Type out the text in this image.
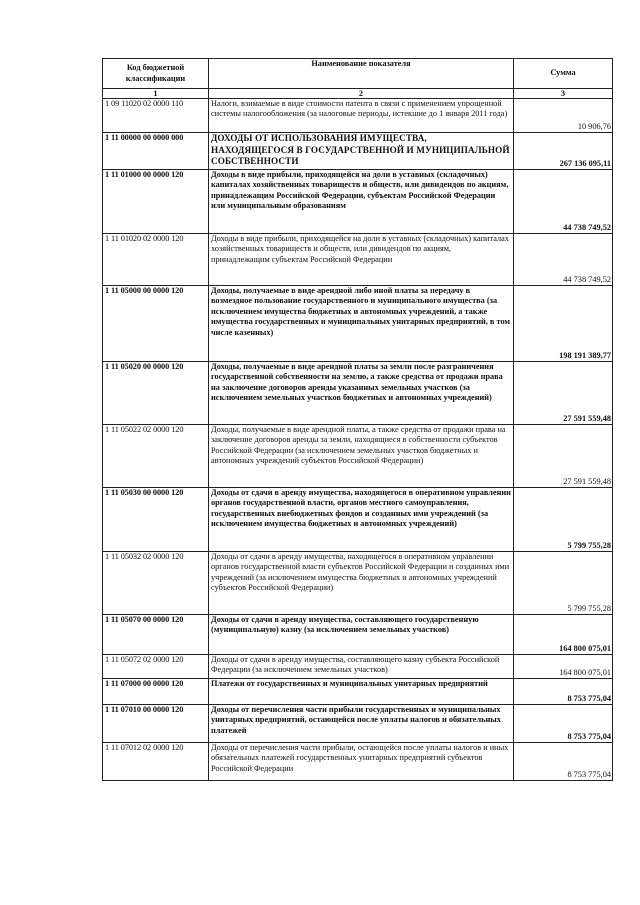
Код бюджетной классификации	Наименование показателя	Сумма
1	2	3
1 09 11020 02 0000 110	Налоги, взимаемые в виде стоимости патента в связи с применением упрощенной системы налогообложения (за налоговые периоды, истекшие до 1 января 2011 года)	10 906,76
1 11 00000 00 0000 000	ДОХОДЫ ОТ ИСПОЛЬЗОВАНИЯ ИМУЩЕСТВА, НАХОДЯЩЕГОСЯ В ГОСУДАРСТВЕННОЙ И МУНИЦИПАЛЬНОЙ СОБСТВЕННОСТИ	267 136 095,11
1 11 01000 00 0000 120	Доходы в виде прибыли, приходящейся на доли в уставных (складочных) капиталах хозяйственных товариществ и обществ, или дивидендов по акциям, принадлежащим Российской Федерации, субъектам Российской Федерации или муниципальным образованиям	44 738 749,52
1 11 01020 02 0000 120	Доходы в виде прибыли, приходящейся на доли в уставных (складочных) капиталах хозяйственных товариществ и обществ, или дивидендов по акциям, принадлежащим субъектам Российской Федерации	44 738 749,52
1 11 05000 00 0000 120	Доходы, получаемые в виде арендной либо иной платы за передачу в возмездное пользование государственного и муниципального имущества (за исключением имущества бюджетных и автономных учреждений, а также имущества государственных и муниципальных унитарных предприятий, в том числе казенных)	198 191 389,77
1 11 05020 00 0000 120	Доходы, получаемые в виде арендной платы за земли после разграничения государственной собственности на землю, а также средства от продажи права на заключение договоров аренды указанных земельных участков (за исключением земельных участков бюджетных и автономных учреждений)	27 591 559,48
1 11 05022 02 0000 120	Доходы, получаемые в виде арендной платы, а также средства от продажи права на заключение договоров аренды за земли, находящиеся в собственности субъектов Российской Федерации (за исключением земельных участков бюджетных и автономных учреждений субъектов Российской Федерации)	27 591 559,48
1 11 05030 00 0000 120	Доходы от сдачи в аренду имущества, находящегося в оперативном управлении органов государственной власти, органов местного самоуправления, государственных внебюджетных фондов и созданных ими учреждений (за исключением имущества бюджетных и автономных учреждений)	5 799 755,28
1 11 05032 02 0000 120	Доходы от сдачи в аренду имущества, находящегося в оперативном управлении органов государственной власти субъектов Российской Федерации и созданных ими учреждений (за исключением имущества бюджетных и автономных учреждений субъектов Российской Федерации)	5 799 755,28
1 11 05070 00 0000 120	Доходы от сдачи в аренду имущества, составляющего государственную (муниципальную) казну (за исключением земельных участков)	164 800 075,01
1 11 05072 02 0000 120	Доходы от сдачи в аренду имущества, составляющего казну субъекта Российской Федерации (за исключением земельных участков)	164 800 075,01
1 11 07000 00 0000 120	Платежи от государственных и муниципальных унитарных предприятий	8 753 775,04
1 11 07010 00 0000 120	Доходы от перечисления части прибыли государственных и муниципальных унитарных предприятий, остающейся после уплаты налогов и обязательных платежей	8 753 775,04
1 11 07012 02 0000 120	Доходы от перечисления части прибыли, остающейся после уплаты налогов и иных обязательных платежей государственных унитарных предприятий субъектов Российской Федерации	8 753 775,04
